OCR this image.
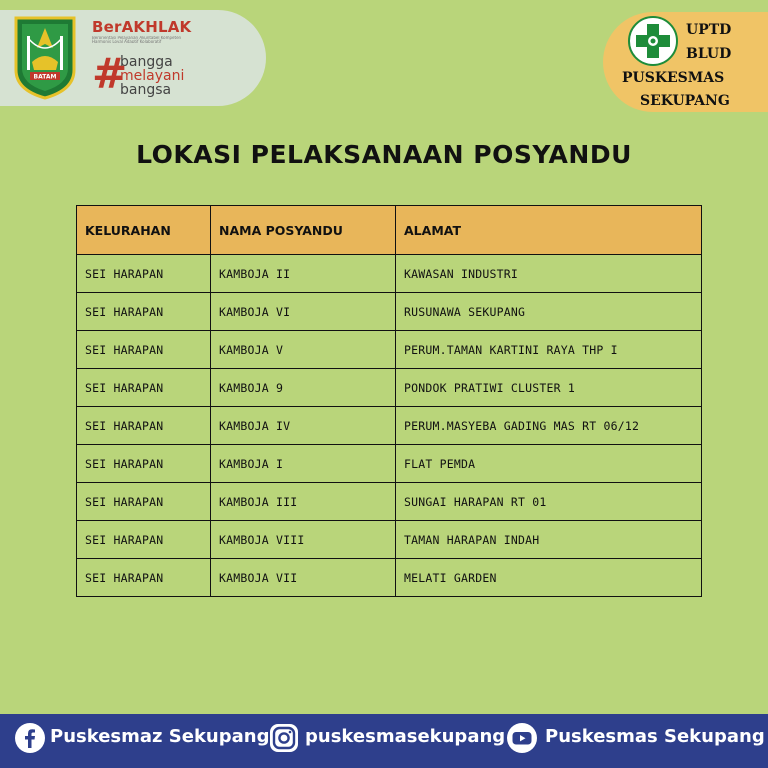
BATAM
BerAKHLAK
Berorientasi Pelayanan Akuntabel Kompeten Harmonis Loyal Adaptif Kolaboratif
#
bangga
melayani
bangsa
UPTD
BLUD
PUSKESMAS
SEKUPANG
LOKASI PELAKSANAAN POSYANDU
KELURAHAN	NAMA POSYANDU	ALAMAT
SEI HARAPAN	KAMBOJA II	KAWASAN INDUSTRI
SEI HARAPAN	KAMBOJA VI	RUSUNAWA SEKUPANG
SEI HARAPAN	KAMBOJA V	PERUM.TAMAN KARTINI RAYA THP I
SEI HARAPAN	KAMBOJA 9	PONDOK PRATIWI CLUSTER 1
SEI HARAPAN	KAMBOJA IV	PERUM.MASYEBA GADING MAS RT 06/12
SEI HARAPAN	KAMBOJA I	FLAT PEMDA
SEI HARAPAN	KAMBOJA III	SUNGAI HARAPAN RT 01
SEI HARAPAN	KAMBOJA VIII	TAMAN HARAPAN INDAH
SEI HARAPAN	KAMBOJA VII	MELATI GARDEN
Puskesmaz Sekupang puskesmasekupang Puskesmas Sekupang
